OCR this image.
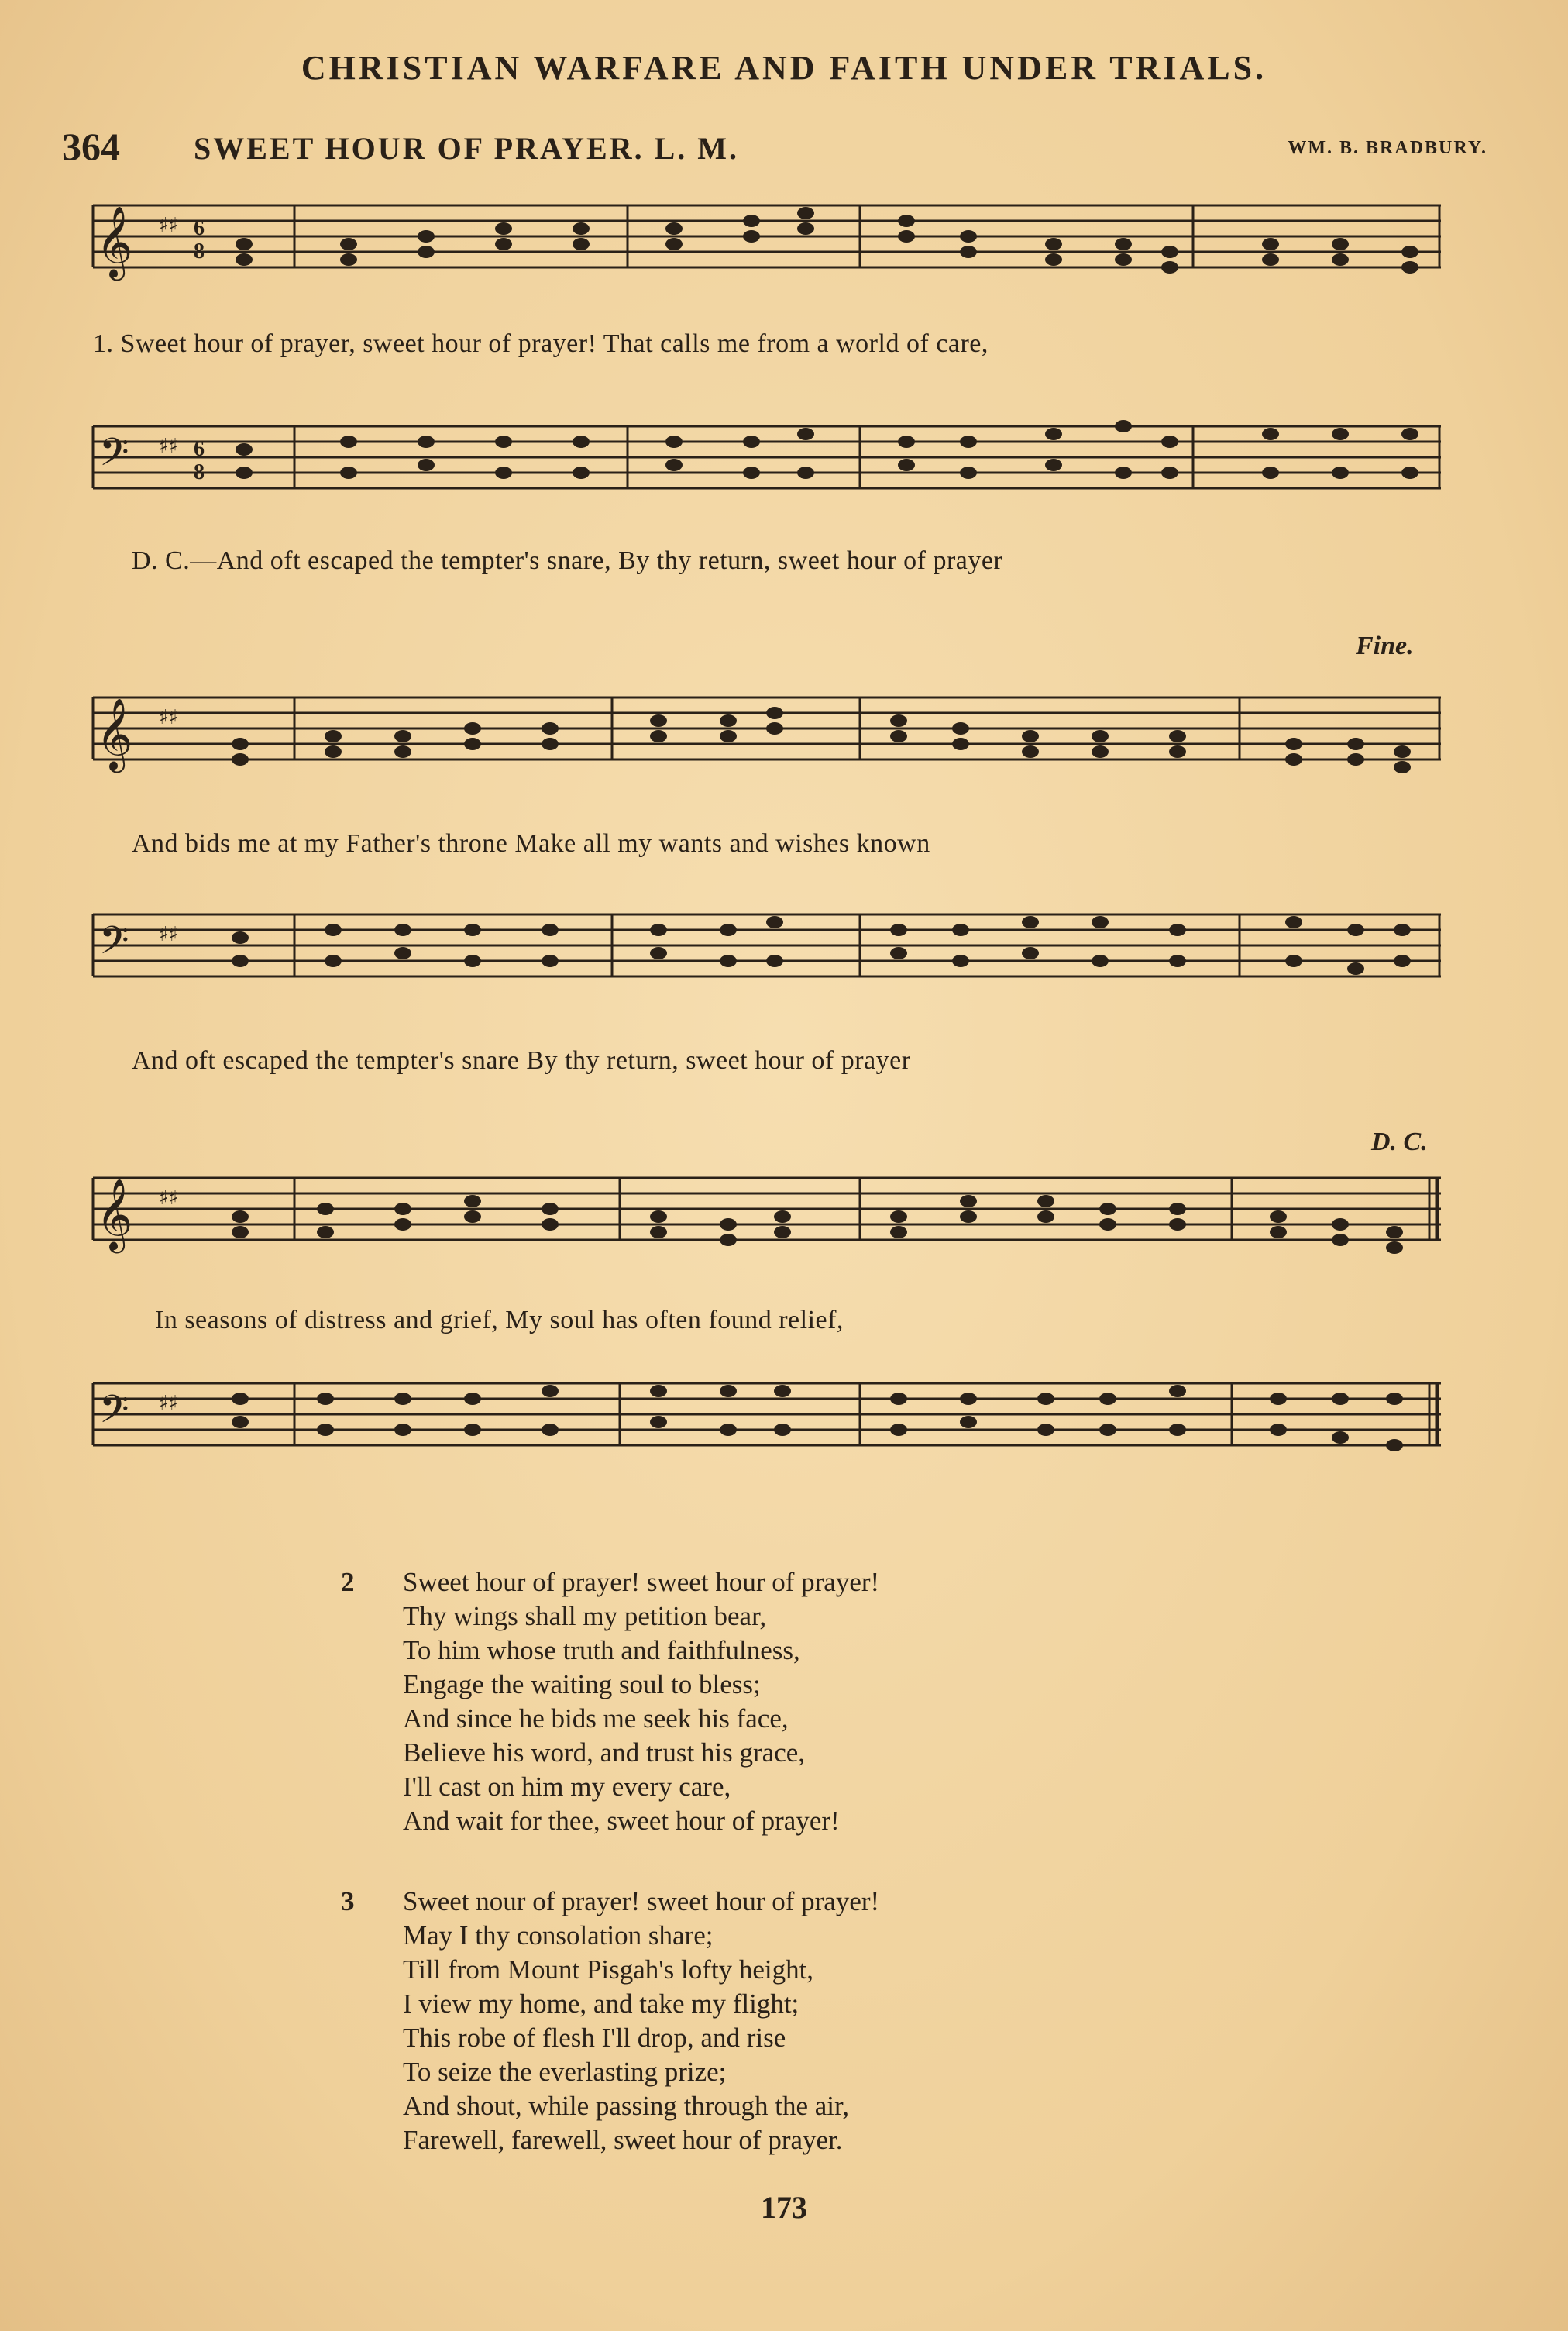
CHRISTIAN WARFARE AND FAITH UNDER TRIALS.
364 SWEET HOUR OF PRAYER. L. M.	WM. B. BRADBURY.
𝄞 ♯♯ 6
8
1. Sweet hour of prayer, sweet hour of prayer! That calls me from a world of care,
𝄢 ♯♯ 6
8
D. C.—And oft escaped the tempter's snare, By thy return, sweet hour of prayer
Fine.
𝄞 ♯♯
And bids me at my Father's throne Make all my wants and wishes known
𝄢 ♯♯
And oft escaped the tempter's snare By thy return, sweet hour of prayer
D. C.
𝄞 ♯♯
In seasons of distress and grief, My soul has often found relief,
𝄢 ♯♯
2	Sweet hour of prayer! sweet hour of prayer!
Thy wings shall my petition bear,
To him whose truth and faithfulness,
Engage the waiting soul to bless;
And since he bids me seek his face,
Believe his word, and trust his grace,
I'll cast on him my every care,
And wait for thee, sweet hour of prayer!
3	Sweet nour of prayer! sweet hour of prayer!
May I thy consolation share;
Till from Mount Pisgah's lofty height,
I view my home, and take my flight;
This robe of flesh I'll drop, and rise
To seize the everlasting prize;
And shout, while passing through the air,
Farewell, farewell, sweet hour of prayer.
173
